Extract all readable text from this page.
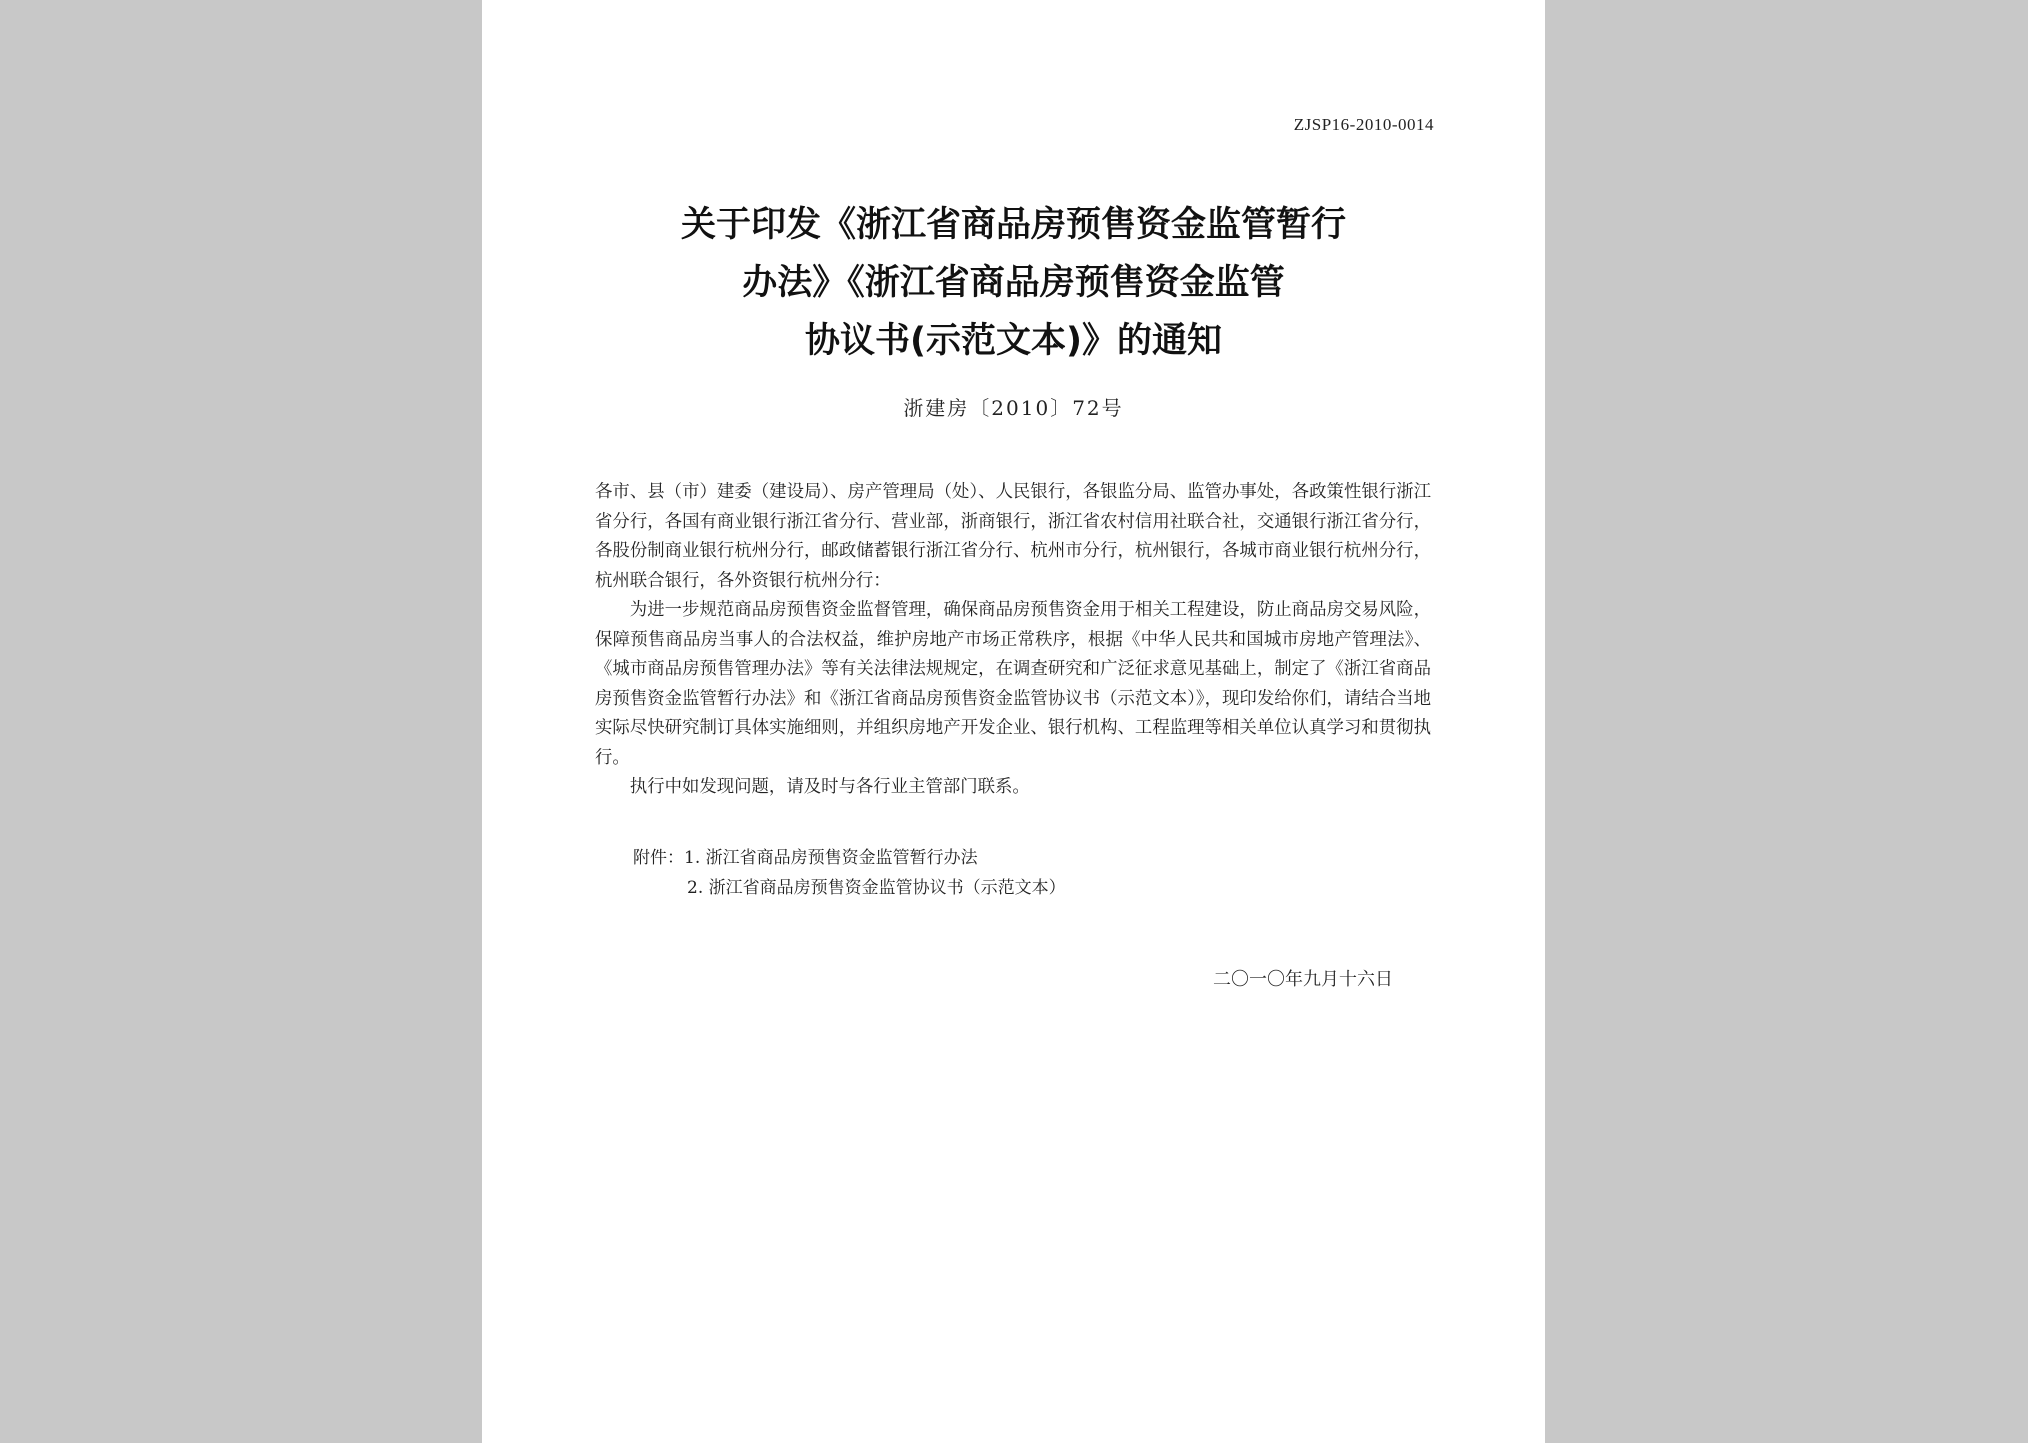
ZJSP16-2010-0014
关于印发《浙江省商品房预售资金监管暂行
办法》《浙江省商品房预售资金监管
协议书(示范文本)》的通知
浙建房〔2010〕72号

各市、县（市）建委（建设局）、房产管理局（处）、人民银行，各银监分局、监管办事处，各政策性银行浙江省分行，各国有商业银行浙江省分行、营业部，浙商银行，浙江省农村信用社联合社，交通银行浙江省分行，各股份制商业银行杭州分行，邮政储蓄银行浙江省分行、杭州市分行，杭州银行，各城市商业银行杭州分行，杭州联合银行，各外资银行杭州分行：

为进一步规范商品房预售资金监督管理，确保商品房预售资金用于相关工程建设，防止商品房交易风险，保障预售商品房当事人的合法权益，维护房地产市场正常秩序，根据《中华人民共和国城市房地产管理法》、《城市商品房预售管理办法》等有关法律法规规定，在调查研究和广泛征求意见基础上，制定了《浙江省商品房预售资金监管暂行办法》和《浙江省商品房预售资金监管协议书（示范文本）》，现印发给你们，请结合当地实际尽快研究制订具体实施细则，并组织房地产开发企业、银行机构、工程监理等相关单位认真学习和贯彻执行。

执行中如发现问题，请及时与各行业主管部门联系。

附件：1. 浙江省商品房预售资金监管暂行办法
2. 浙江省商品房预售资金监管协议书（示范文本）
二〇一〇年九月十六日
